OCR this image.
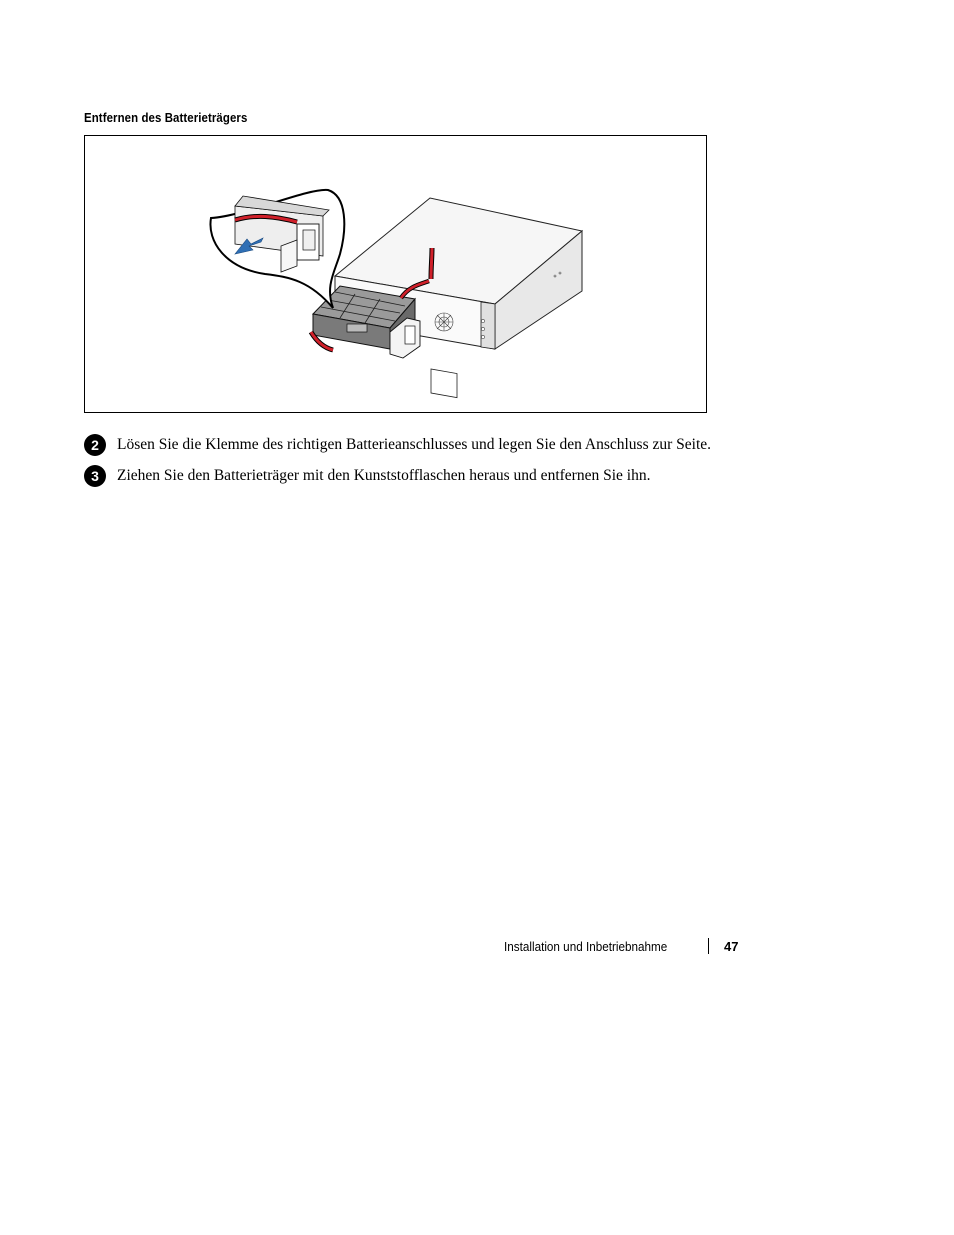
Entfernen des Batterieträgers
2	Lösen Sie die Klemme des richtigen Batterieanschlusses und legen Sie den Anschluss zur Seite.
3	Ziehen Sie den Batterieträger mit den Kunststofflaschen heraus und entfernen Sie ihn.
Installation und Inbetriebnahme	47
